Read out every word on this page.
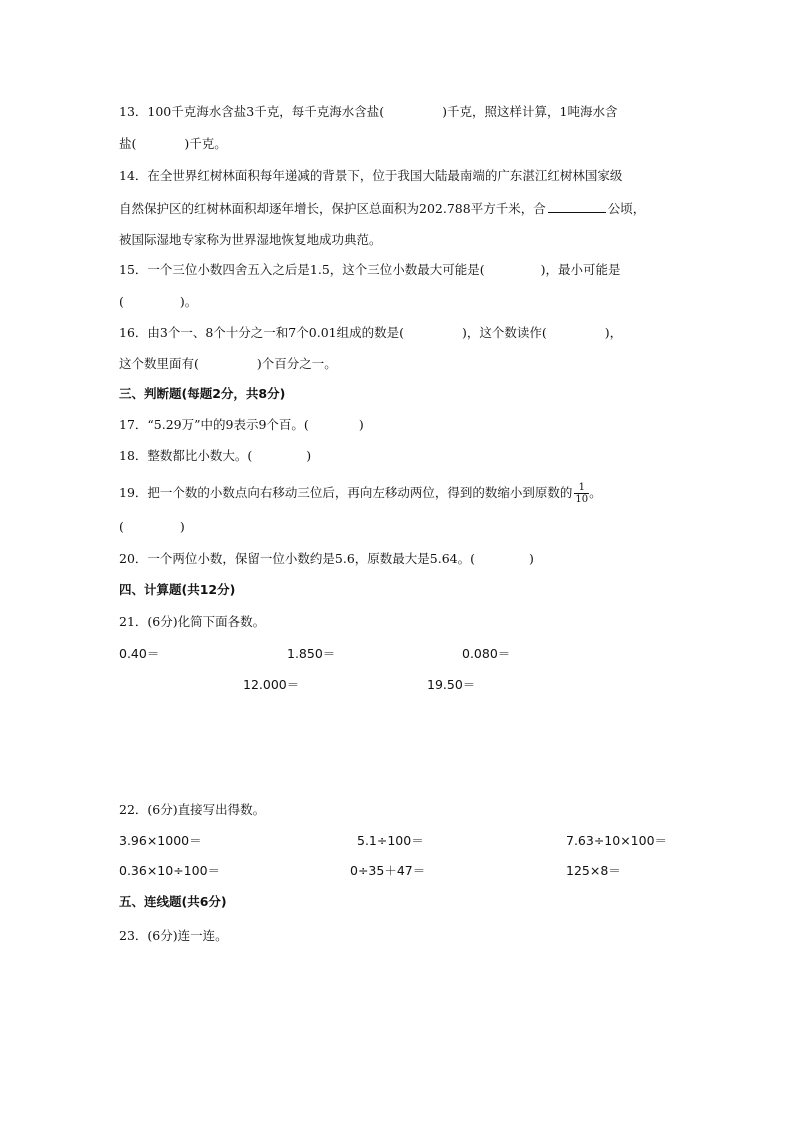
13．100千克海水含盐3千克，每千克海水含盐(	)千克，照这样计算，1吨海水含
盐(	)千克。
14．在全世界红树林面积每年递减的背景下，位于我国大陆最南端的广东湛江红树林国家级
自然保护区的红树林面积却逐年增长，保护区总面积为202.788平方千米，合	公顷，
被国际湿地专家称为世界湿地恢复地成功典范。
15．一个三位小数四舍五入之后是1.5，这个三位小数最大可能是(	)，最小可能是
(	)。
16．由3个一、8个十分之一和7个0.01组成的数是(	)，这个数读作(	)，
这个数里面有(	)个百分之一。
三、判断题(每题2分，共8分)
17．“5.29万”中的9表示9个百。(	)
18．整数都比小数大。(	)
19．把一个数的小数点向右移动三位后，再向左移动两位，得到的数缩小到原数的 $\frac{1}{10}$ 。
(	)
20．一个两位小数，保留一位小数约是5.6，原数最大是5.64。(	)
四、计算题(共12分)
21．(6分)化简下面各数。
0.40＝	1.850＝	0.080＝
12.000＝	19.50＝
22．(6分)直接写出得数。
3.96×1000＝	5.1÷100＝	7.63÷10×100＝
0.36×10÷100＝	0÷35＋47＝	125×8＝
五、连线题(共6分)
23．(6分)连一连。
